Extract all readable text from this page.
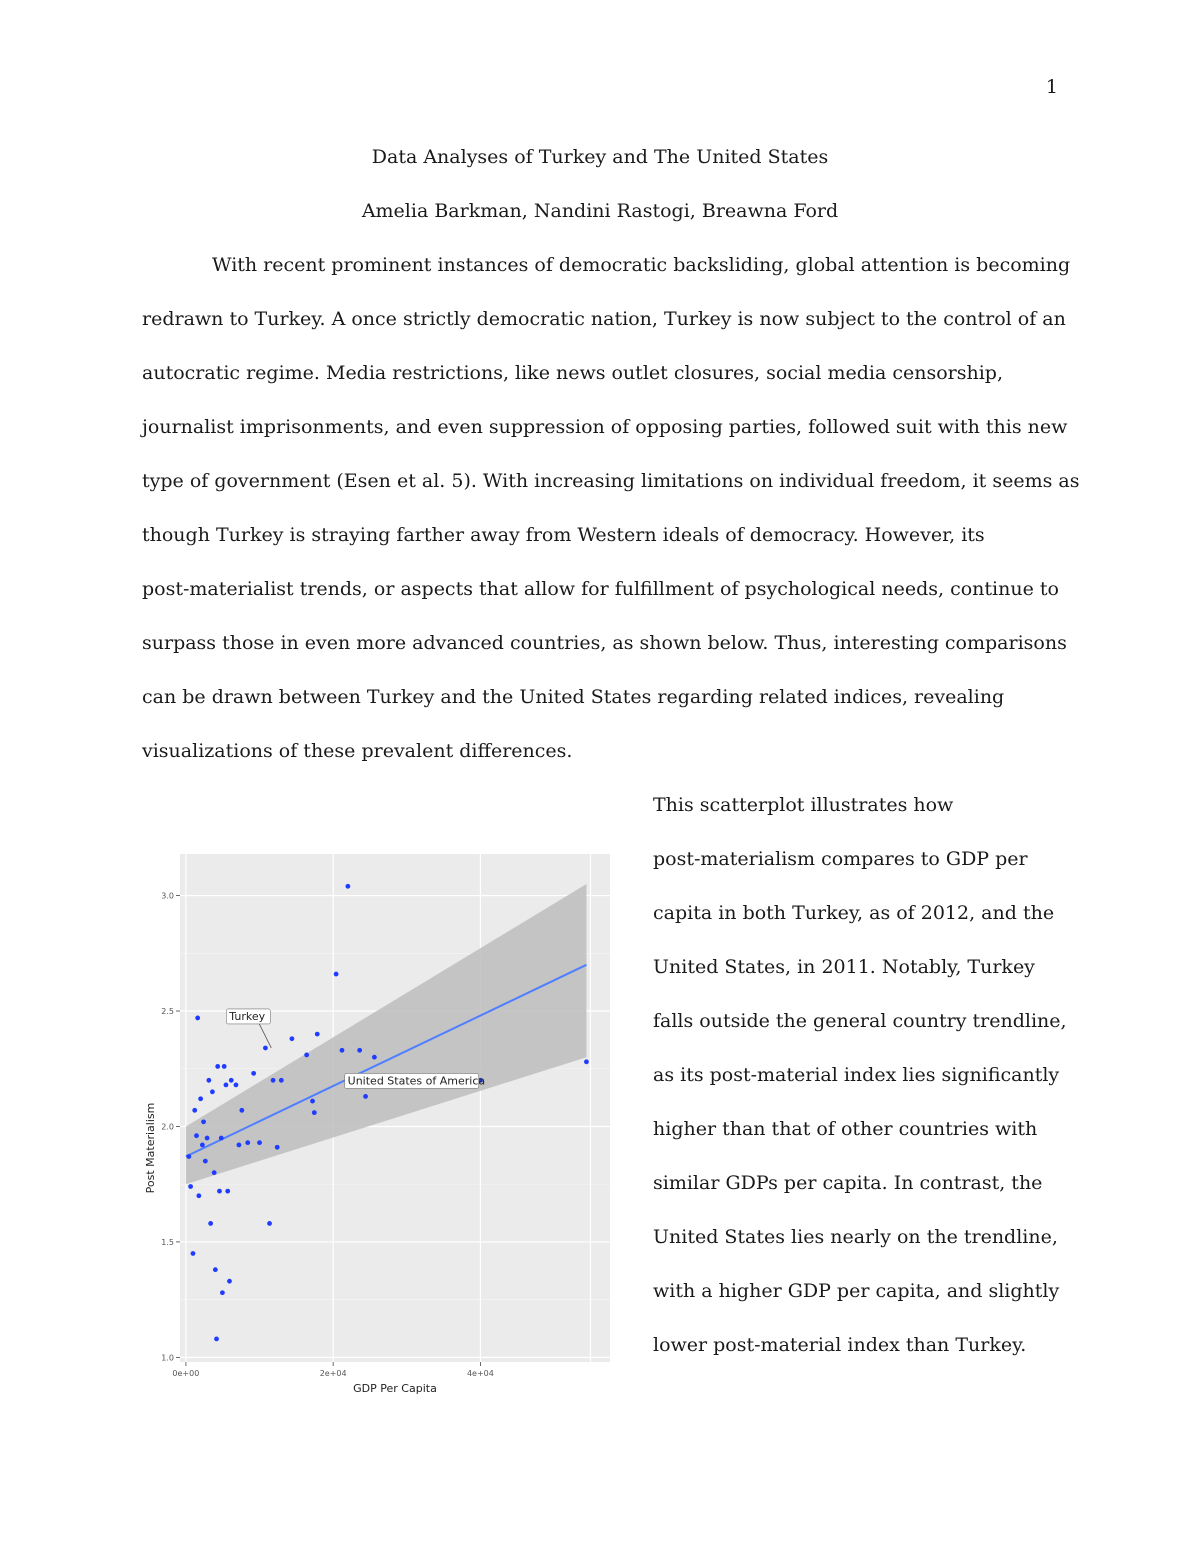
1
Data Analyses of Turkey and The United States
Amelia Barkman, Nandini Rastogi, Breawna Ford
With recent prominent instances of democratic backsliding, global attention is becoming
redrawn to Turkey. A once strictly democratic nation, Turkey is now subject to the control of an
autocratic regime. Media restrictions, like news outlet closures, social media censorship,
journalist imprisonments, and even suppression of opposing parties, followed suit with this new
type of government (Esen et al. 5). With increasing limitations on individual freedom, it seems as
though Turkey is straying farther away from Western ideals of democracy. However, its
post-materialist trends, or aspects that allow for fulfillment of psychological needs, continue to
surpass those in even more advanced countries, as shown below. Thus, interesting comparisons
can be drawn between Turkey and the United States regarding related indices, revealing
visualizations of these prevalent differences.
This scatterplot illustrates how
post-materialism compares to GDP per
capita in both Turkey, as of 2012, and the
United States, in 2011. Notably, Turkey
falls outside the general country trendline,
as its post-material index lies significantly
higher than that of other countries with
similar GDPs per capita. In contrast, the
United States lies nearly on the trendline,
with a higher GDP per capita, and slightly
lower post-material index than Turkey.
Turkey
United States of America
1.0
1.5
2.0
2.5
3.0
0e+00	2e+04	4e+04
GDP Per Capita
Post Materialism
